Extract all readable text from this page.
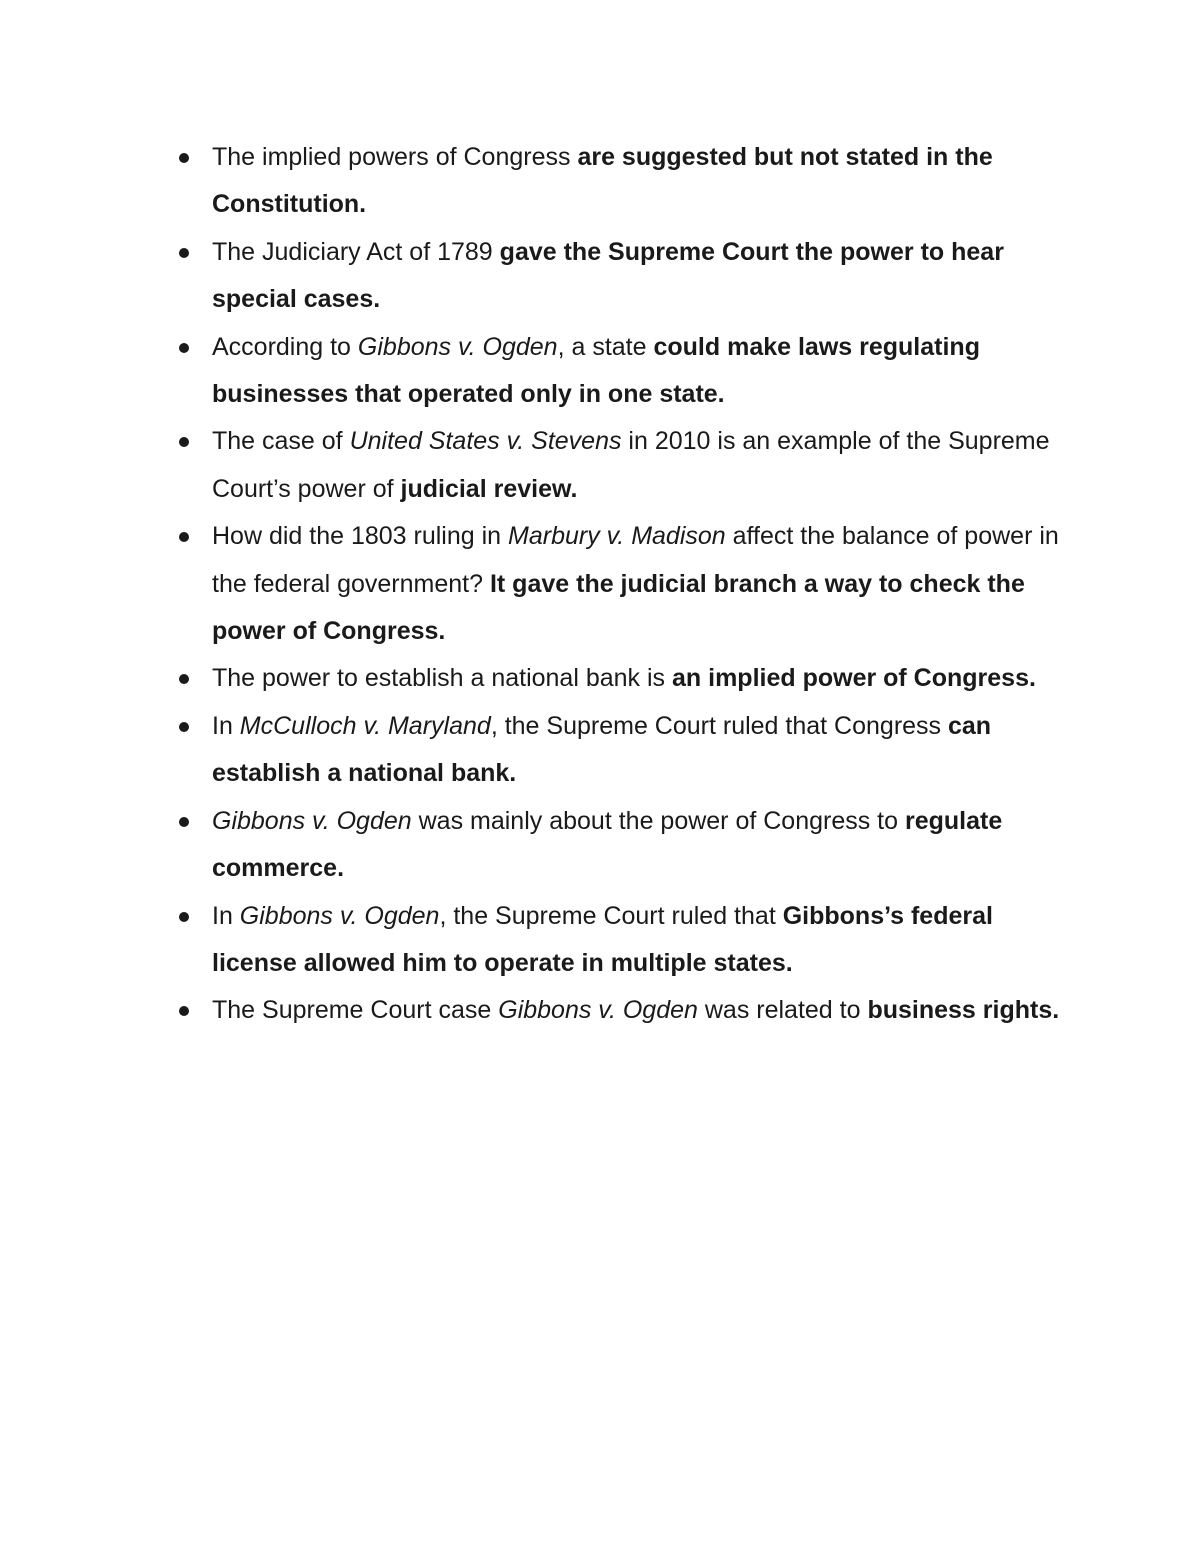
The implied powers of Congress are suggested but not stated in the Constitution.
The Judiciary Act of 1789 gave the Supreme Court the power to hear special cases.
According to Gibbons v. Ogden, a state could make laws regulating businesses that operated only in one state.
The case of United States v. Stevens in 2010 is an example of the Supreme Court’s power of judicial review.
How did the 1803 ruling in Marbury v. Madison affect the balance of power in the federal government? It gave the judicial branch a way to check the power of Congress.
The power to establish a national bank is an implied power of Congress.
In McCulloch v. Maryland, the Supreme Court ruled that Congress can establish a national bank.
Gibbons v. Ogden was mainly about the power of Congress to regulate commerce.
In Gibbons v. Ogden, the Supreme Court ruled that Gibbons’s federal license allowed him to operate in multiple states.
The Supreme Court case Gibbons v. Ogden was related to business rights.
